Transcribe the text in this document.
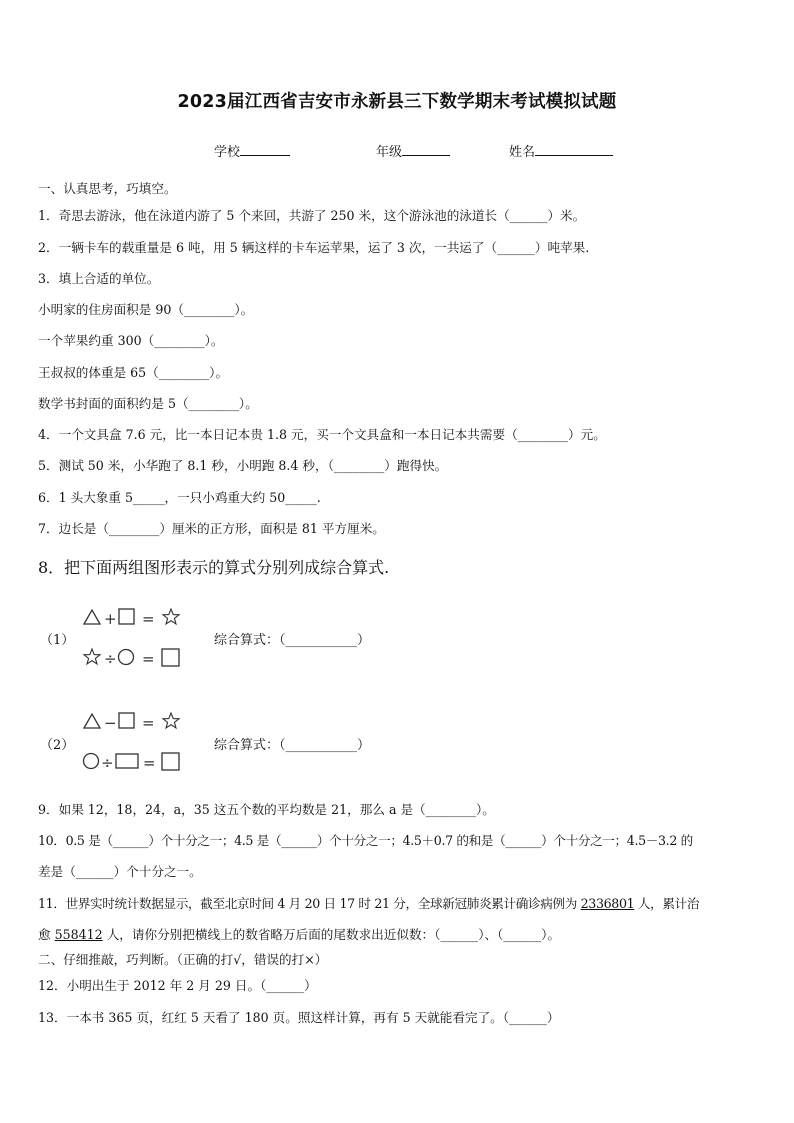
2023届江西省吉安市永新县三下数学期末考试模拟试题
学校	年级	姓名
一、认真思考，巧填空。
1．奇思去游泳，他在泳道内游了 5 个来回，共游了 250 米，这个游泳池的泳道长（______）米。
2．一辆卡车的载重量是 6 吨，用 5 辆这样的卡车运苹果，运了 3 次，一共运了（______）吨苹果.
3．填上合适的单位。
小明家的住房面积是 90（________）。
一个苹果约重 300（________）。
王叔叔的体重是 65（________）。
数学书封面的面积约是 5（________）。
4．一个文具盒 7.6 元，比一本日记本贵 1.8 元，买一个文具盒和一本日记本共需要（________）元。
5．测试 50 米，小华跑了 8.1 秒，小明跑 8.4 秒，（________）跑得快。
6．1 头大象重 5_____，一只小鸡重大约 50_____.
7．边长是（________）厘米的正方形，面积是 81 平方厘米。
8．把下面两组图形表示的算式分别列成综合算式.
（1）
+ =
÷ =
综合算式：（___________）
（2）
− =
÷ =
综合算式：（___________）
9．如果 12，18，24，a，35 这五个数的平均数是 21，那么 a 是（________）。
10．0.5 是（______）个十分之一；4.5 是（______）个十分之一；4.5＋0.7 的和是（______）个十分之一；4.5－3.2 的
差是（______）个十分之一。
11．世界实时统计数据显示，截至北京时间 4 月 20 日 17 时 21 分，全球新冠肺炎累计确诊病例为 2336801 人，累计治
愈 558412 人，请你分别把横线上的数省略万后面的尾数求出近似数：（______）、（______）。
二、仔细推敲，巧判断。（正确的打√，错误的打×）
12．小明出生于 2012 年 2 月 29 日。（______）
13．一本书 365 页，红红 5 天看了 180 页。照这样计算，再有 5 天就能看完了。（______）
